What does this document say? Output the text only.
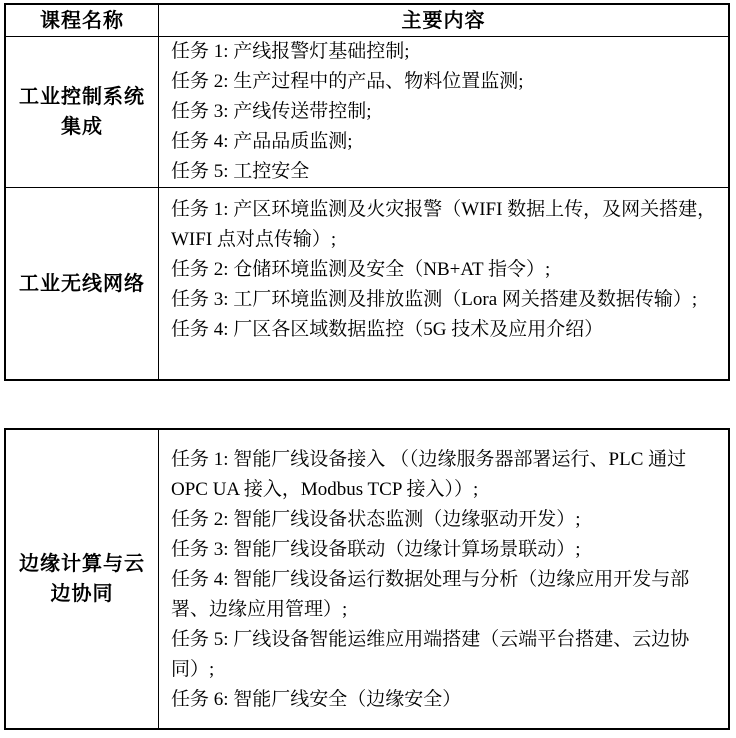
课程名称	主要内容
工业控制系统
集成
任务 1: 产线报警灯基础控制;
任务 2: 生产过程中的产品、物料位置监测;
任务 3: 产线传送带控制;
任务 4: 产品品质监测;
任务 5: 工控安全
工业无线网络
任务 1: 产区环境监测及火灾报警（WIFI 数据上传，及网关搭建，WIFI 点对点传输）;
任务 2: 仓储环境监测及安全（NB+AT 指令）;
任务 3: 工厂环境监测及排放监测（Lora 网关搭建及数据传输）;
任务 4: 厂区各区域数据监控（5G 技术及应用介绍）
边缘计算与云
边协同
任务 1: 智能厂线设备接入 （（边缘服务器部署运行、PLC 通过 OPC UA 接入，Modbus TCP 接入））;
任务 2: 智能厂线设备状态监测（边缘驱动开发）;
任务 3: 智能厂线设备联动（边缘计算场景联动）;
任务 4: 智能厂线设备运行数据处理与分析（边缘应用开发与部署、边缘应用管理）;
任务 5: 厂线设备智能运维应用端搭建（云端平台搭建、云边协同）;
任务 6: 智能厂线安全（边缘安全）
